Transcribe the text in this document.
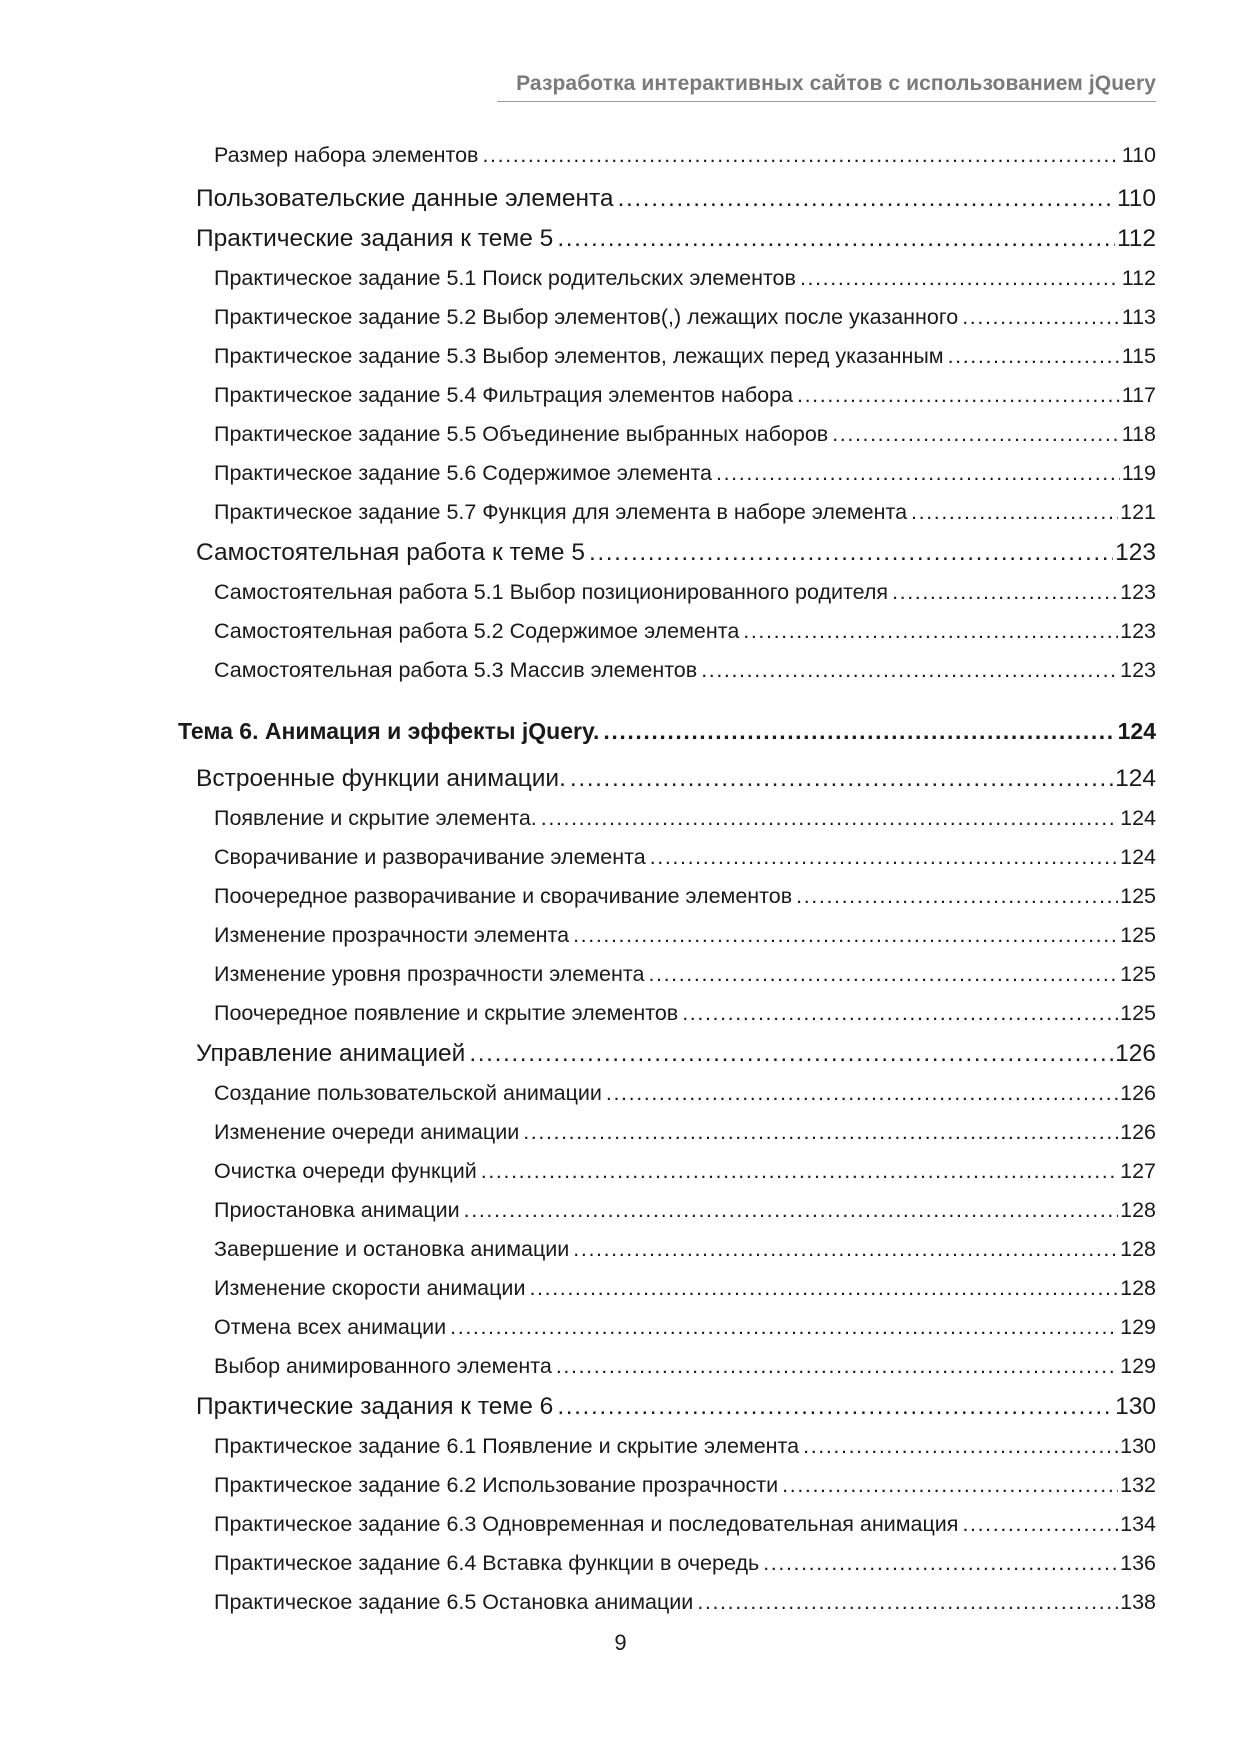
Разработка интерактивных сайтов с использованием jQuery
Размер набора элементов .....	110
Пользовательские данные элемента .....	110
Практические задания к теме 5 .....	112
Практическое задание 5.1 Поиск родительских элементов .....	112
Практическое задание 5.2 Выбор элементов(,) лежащих после указанного .....	113
Практическое задание 5.3 Выбор элементов, лежащих перед указанным .....	115
Практическое задание 5.4 Фильтрация элементов набора .....	117
Практическое задание 5.5 Объединение выбранных наборов .....	118
Практическое задание 5.6 Содержимое элемента .....	119
Практическое задание 5.7 Функция для элемента в наборе элемента .....	121
Самостоятельная работа к теме 5 .....	123
Самостоятельная работа 5.1 Выбор позиционированного родителя .....	123
Самостоятельная работа 5.2 Содержимое элемента .....	123
Самостоятельная работа 5.3 Массив элементов .....	123
Тема 6. Анимация и эффекты jQuery. .....	124
Встроенные функции анимации. .....	124
Появление и скрытие элемента. .....	124
Сворачивание и разворачивание элемента .....	124
Поочередное разворачивание и сворачивание элементов .....	125
Изменение прозрачности элемента .....	125
Изменение уровня прозрачности элемента .....	125
Поочередное появление и скрытие элементов .....	125
Управление анимацией .....	126
Создание пользовательской анимации .....	126
Изменение очереди анимации .....	126
Очистка очереди функций .....	127
Приостановка анимации .....	128
Завершение и остановка анимации .....	128
Изменение скорости анимации .....	128
Отмена всех анимации .....	129
Выбор анимированного элемента .....	129
Практические задания к теме 6 .....	130
Практическое задание 6.1 Появление и скрытие элемента .....	130
Практическое задание 6.2 Использование прозрачности .....	132
Практическое задание 6.3 Одновременная и последовательная анимация .....	134
Практическое задание 6.4 Вставка функции в очередь .....	136
Практическое задание 6.5 Остановка анимации .....	138
9
